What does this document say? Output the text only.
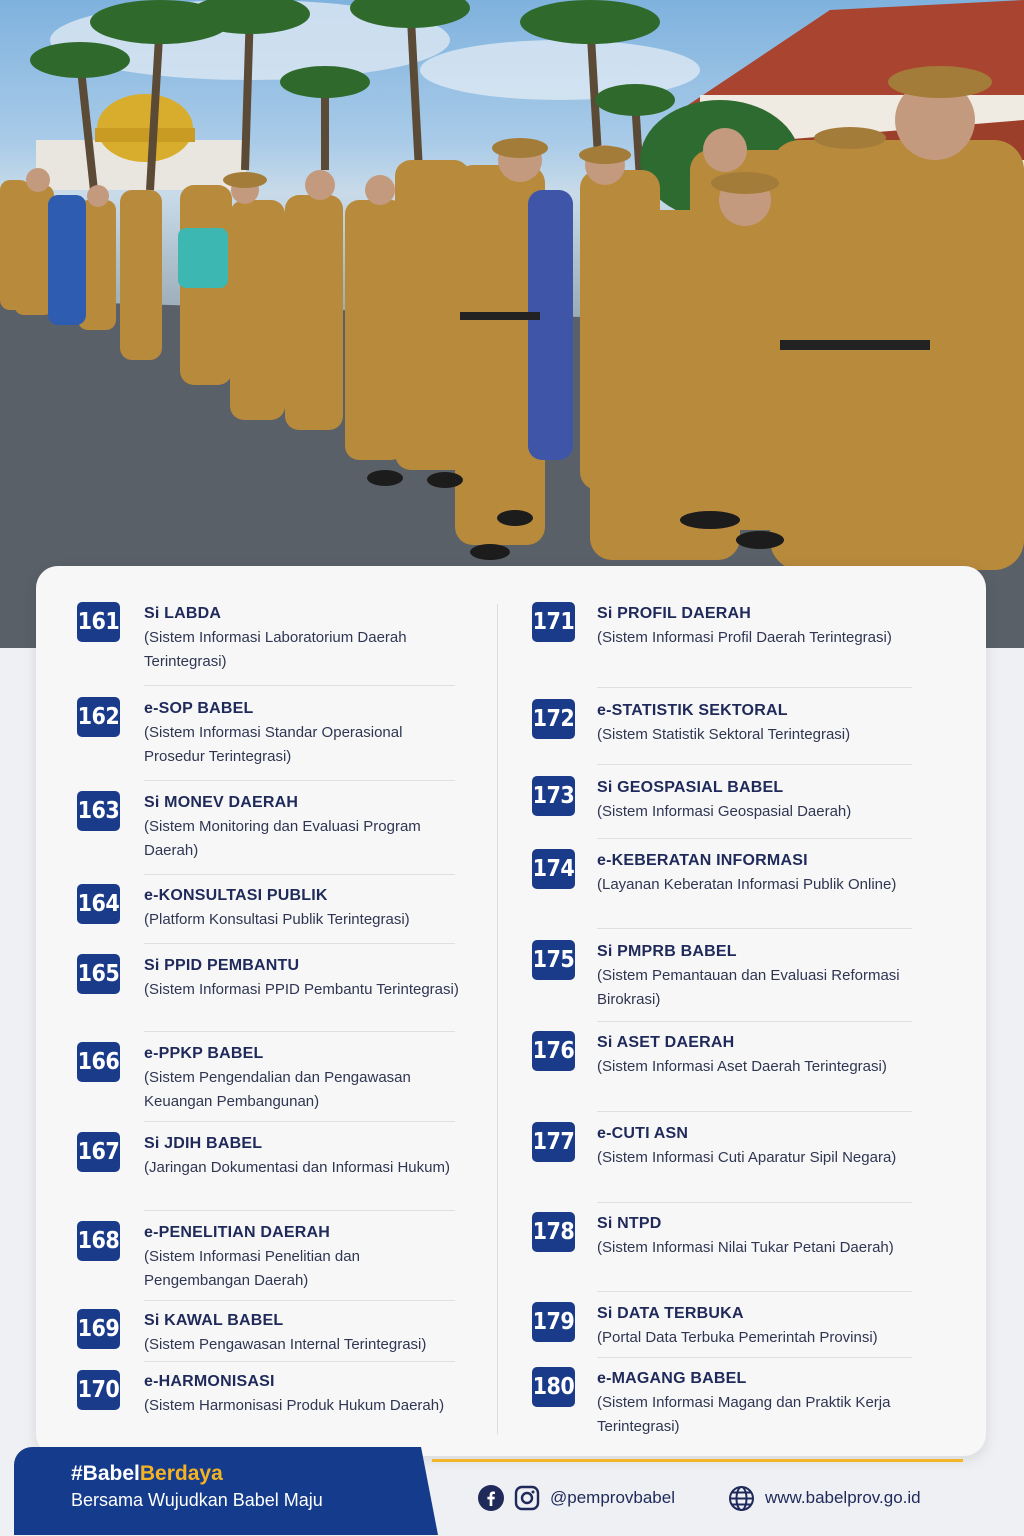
161 Si LABDA
(Sistem Informasi Laboratorium Daerah Terintegrasi)
162 e-SOP BABEL
(Sistem Informasi Standar Operasional Prosedur Terintegrasi)
163 Si MONEV DAERAH
(Sistem Monitoring dan Evaluasi Program Daerah)
164 e-KONSULTASI PUBLIK
(Platform Konsultasi Publik Terintegrasi)
165 Si PPID PEMBANTU
(Sistem Informasi PPID Pembantu Terintegrasi)
166 e-PPKP BABEL
(Sistem Pengendalian dan Pengawasan Keuangan Pembangunan)
167 Si JDIH BABEL
(Jaringan Dokumentasi dan Informasi Hukum)
168 e-PENELITIAN DAERAH
(Sistem Informasi Penelitian dan Pengembangan Daerah)
169 Si KAWAL BABEL
(Sistem Pengawasan Internal Terintegrasi)
170 e-HARMONISASI
(Sistem Harmonisasi Produk Hukum Daerah)
171 Si PROFIL DAERAH
(Sistem Informasi Profil Daerah Terintegrasi)
172 e-STATISTIK SEKTORAL
(Sistem Statistik Sektoral Terintegrasi)
173 Si GEOSPASIAL BABEL
(Sistem Informasi Geospasial Daerah)
174 e-KEBERATAN INFORMASI
(Layanan Keberatan Informasi Publik Online)
175 Si PMPRB BABEL
(Sistem Pemantauan dan Evaluasi Reformasi Birokrasi)
176 Si ASET DAERAH
(Sistem Informasi Aset Daerah Terintegrasi)
177 e-CUTI ASN
(Sistem Informasi Cuti Aparatur Sipil Negara)
178 Si NTPD
(Sistem Informasi Nilai Tukar Petani Daerah)
179 Si DATA TERBUKA
(Portal Data Terbuka Pemerintah Provinsi)
180 e-MAGANG BABEL
(Sistem Informasi Magang dan Praktik Kerja Terintegrasi)
#BabelBerdaya
Bersama Wujudkan Babel Maju	@pemprovbabel	www.babelprov.go.id
